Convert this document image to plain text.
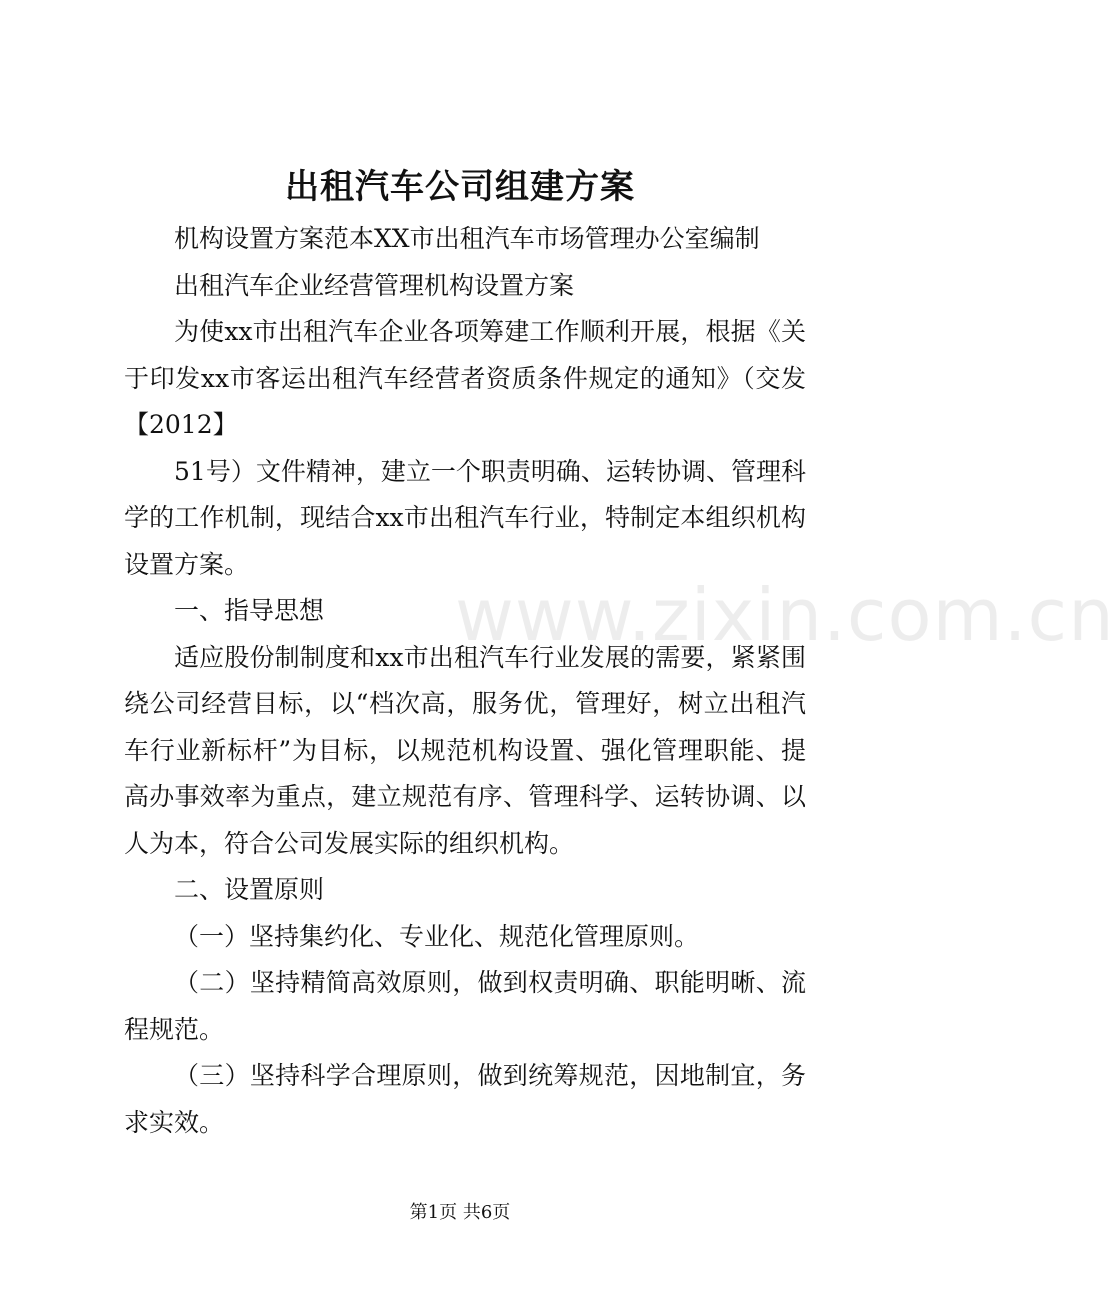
出租汽车公司组建方案

机构设置方案范本XX市出租汽车市场管理办公室编制

出租汽车企业经营管理机构设置方案

为使xx市出租汽车企业各项筹建工作顺利开展，根据《关于印发xx市客运出租汽车经营者资质条件规定的通知》（交发【2012】

51号）文件精神，建立一个职责明确、运转协调、管理科学的工作机制，现结合xx市出租汽车行业，特制定本组织机构设置方案。

一、指导思想

适应股份制制度和xx市出租汽车行业发展的需要，紧紧围绕公司经营目标，以“档次高，服务优，管理好，树立出租汽车行业新标杆”为目标，以规范机构设置、强化管理职能、提高办事效率为重点，建立规范有序、管理科学、运转协调、以人为本，符合公司发展实际的组织机构。

二、设置原则

（一）坚持集约化、专业化、规范化管理原则。

（二）坚持精简高效原则，做到权责明确、职能明晰、流程规范。

（三）坚持科学合理原则，做到统筹规范，因地制宜，务求实效。

www.zixin.com.cn
第1页 共6页
